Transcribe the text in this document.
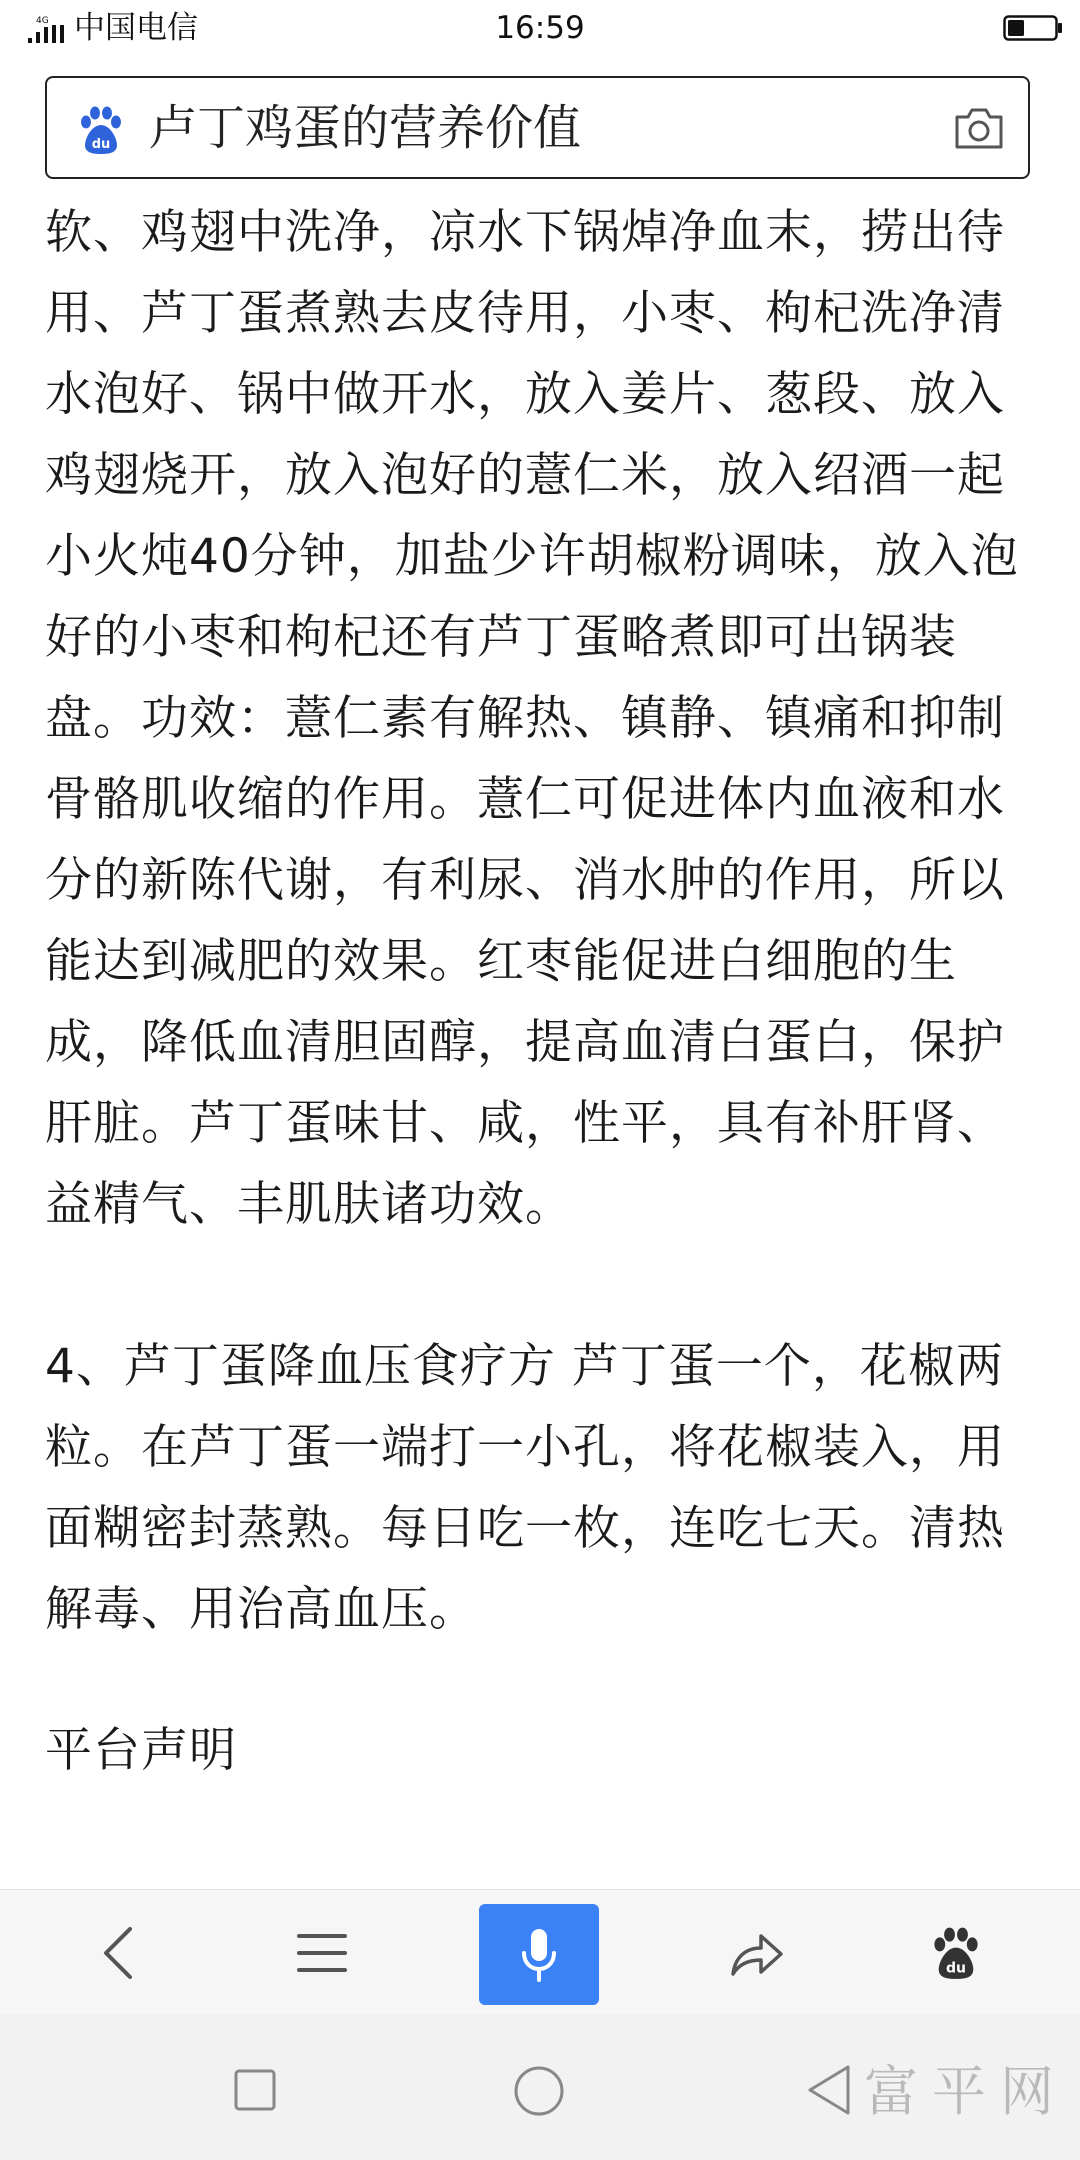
4G 中国电信	16:59
du 卢丁鸡蛋的营养价值

软、鸡翅中洗净，凉水下锅焯净血末，捞出待用、芦丁蛋煮熟去皮待用，小枣、枸杞洗净清水泡好、锅中做开水，放入姜片、葱段、放入鸡翅烧开，放入泡好的薏仁米，放入绍酒一起小火炖40分钟，加盐少许胡椒粉调味，放入泡好的小枣和枸杞还有芦丁蛋略煮即可出锅装盘。功效：薏仁素有解热、镇静、镇痛和抑制骨骼肌收缩的作用。薏仁可促进体内血液和水分的新陈代谢，有利尿、消水肿的作用，所以能达到减肥的效果。红枣能促进白细胞的生成，降低血清胆固醇，提高血清白蛋白，保护肝脏。芦丁蛋味甘、咸，性平，具有补肝肾、益精气、丰肌肤诸功效。

4、芦丁蛋降血压食疗方 芦丁蛋一个，花椒两粒。在芦丁蛋一端打一小孔，将花椒装入，用面糊密封蒸熟。每日吃一枚，连吃七天。清热解毒、用治高血压。

平台声明

du
富平网
